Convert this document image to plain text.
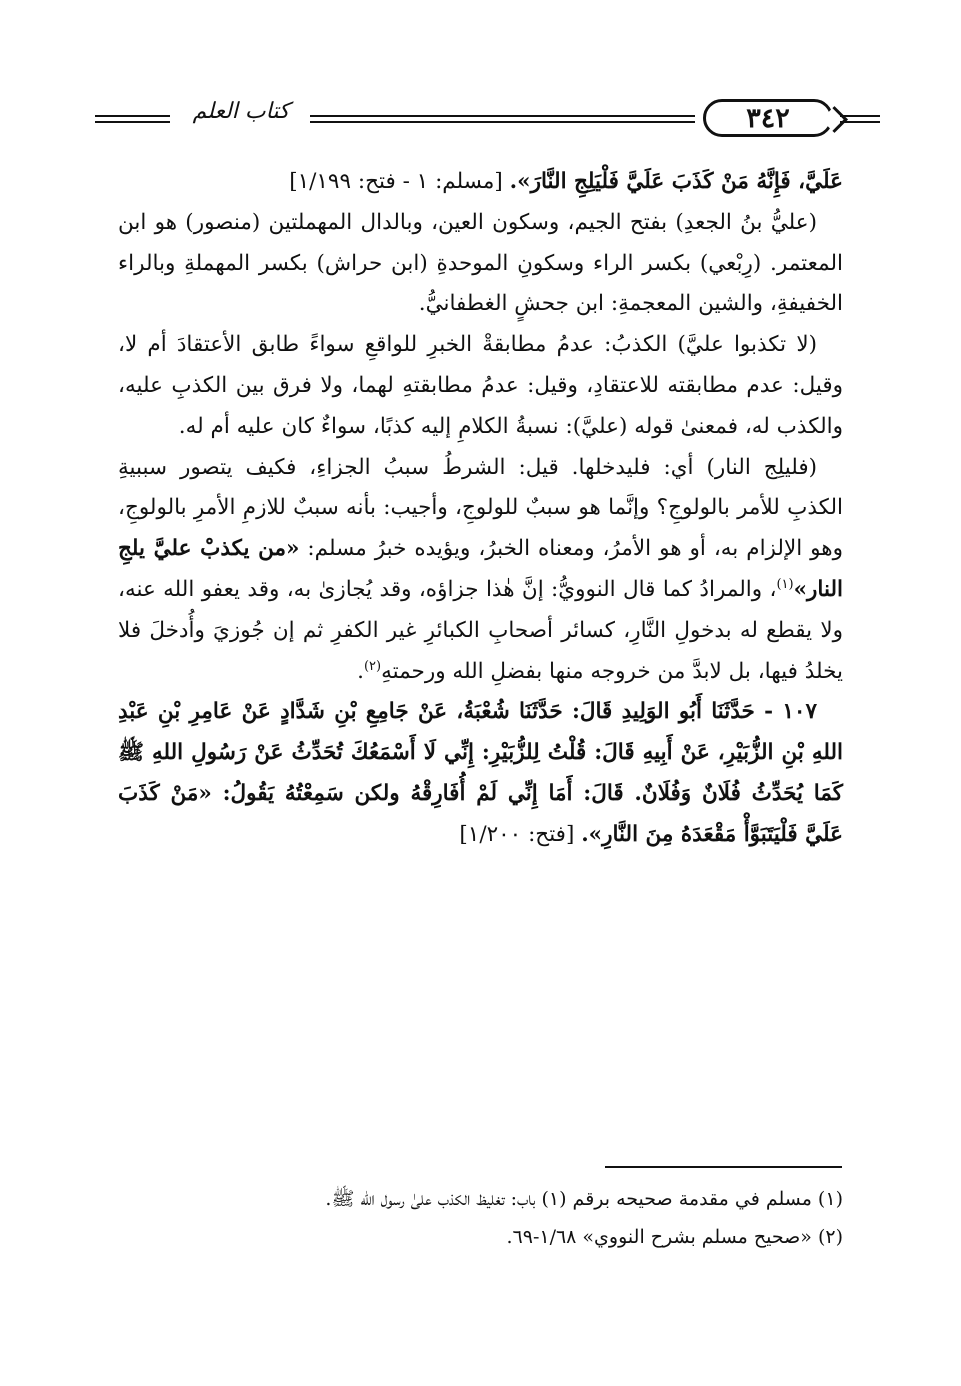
كتاب العلم	٣٤٢

عَلَيَّ، فَإِنَّهُ مَنْ كَذَبَ عَلَيَّ فَلْيَلِجِ النَّارَ». [مسلم: ١ - فتح: ١/١٩٩]

(عليُّ بنُ الجعدِ) بفتح الجيم، وسكون العين، وبالدال المهملتين (منصور) هو ابن المعتمر. (رِبْعي) بكسر الراء وسكونِ الموحدةِ (ابن حراش) بكسر المهملةِ وبالراء الخفيفةِ، والشين المعجمةِ: ابن جحشٍ الغطفانيُّ.

(لا تكذبوا عليَّ) الكذبُ: عدمُ مطابقةْ الخبرِ للواقعِ سواءً طابق الأعتقادَ أم لا، وقيل: عدم مطابقته للاعتقادِ، وقيل: عدمُ مطابقتهِ لهما، ولا فرق بين الكذبِ عليه، والكذب له، فمعنىٰ قوله (عليَّ): نسبةُ الكلامِ إليه كذبًا، سواءٌ كان عليه أم له.

(فليلِج النار) أي: فليدخلها. قيل: الشرطُ سببُ الجزاءِ، فكيف يتصور سببيةِ الكذبِ للأمر بالولوجِ؟ وإنَّما هو سببٌ للولوجِ، وأجيب: بأنه سببٌ للازمِ الأمرِ بالولوجِ، وهو الإلزام به، أو هو الأمرُ، ومعناه الخبرُ، ويؤيده خبرُ مسلم: «من يكذبْ عليَّ يلجِ النار»$^{(١)}$، والمرادُ كما قال النوويُّ: إنَّ هٰذا جزاؤه، وقد يُجازىٰ به، وقد يعفو الله عنه، ولا يقطع له بدخولِ النَّارِ، كسائر أصحابِ الكبائرِ غير الكفرِ ثم إن جُوزيَ وأُدخلَ فلا يخلدُ فيها، بل لابدَّ من خروجه منها بفضلِ الله ورحمتهِ$^{(٢)}$.

١٠٧ - حَدَّثَنَا أَبُو الوَلِيدِ قَالَ: حَدَّثَنَا شُعْبَةُ، عَنْ جَامِعِ بْنِ شَدَّادٍ عَنْ عَامِرِ بْنِ عَبْدِ اللهِ بْنِ الزُّبَيْرِ، عَنْ أَبِيهِ قَالَ: قُلْتُ لِلزُّبَيْرِ: إِنِّي لَا أَسْمَعُكَ تُحَدِّثُ عَنْ رَسُولِ اللهِ ﷺ كَمَا يُحَدِّثُ فُلَانٌ وَفُلَانٌ. قَالَ: أَمَا إِنِّي لَمْ أُفَارِقْهُ ولكن سَمِعْتُهُ يَقُولُ: «مَنْ كَذَبَ عَلَيَّ فَلْيَتَبَوَّأْ مَقْعَدَهُ مِنَ النَّارِ». [فتح: ١/٢٠٠]

(١) مسلم في مقدمة صحيحه برقم (١) باب: تغليظ الكذب علىٰ رسول الله ﷺ.

(٢) «صحيح مسلم بشرح النووي» ١/٦٨-٦٩.
